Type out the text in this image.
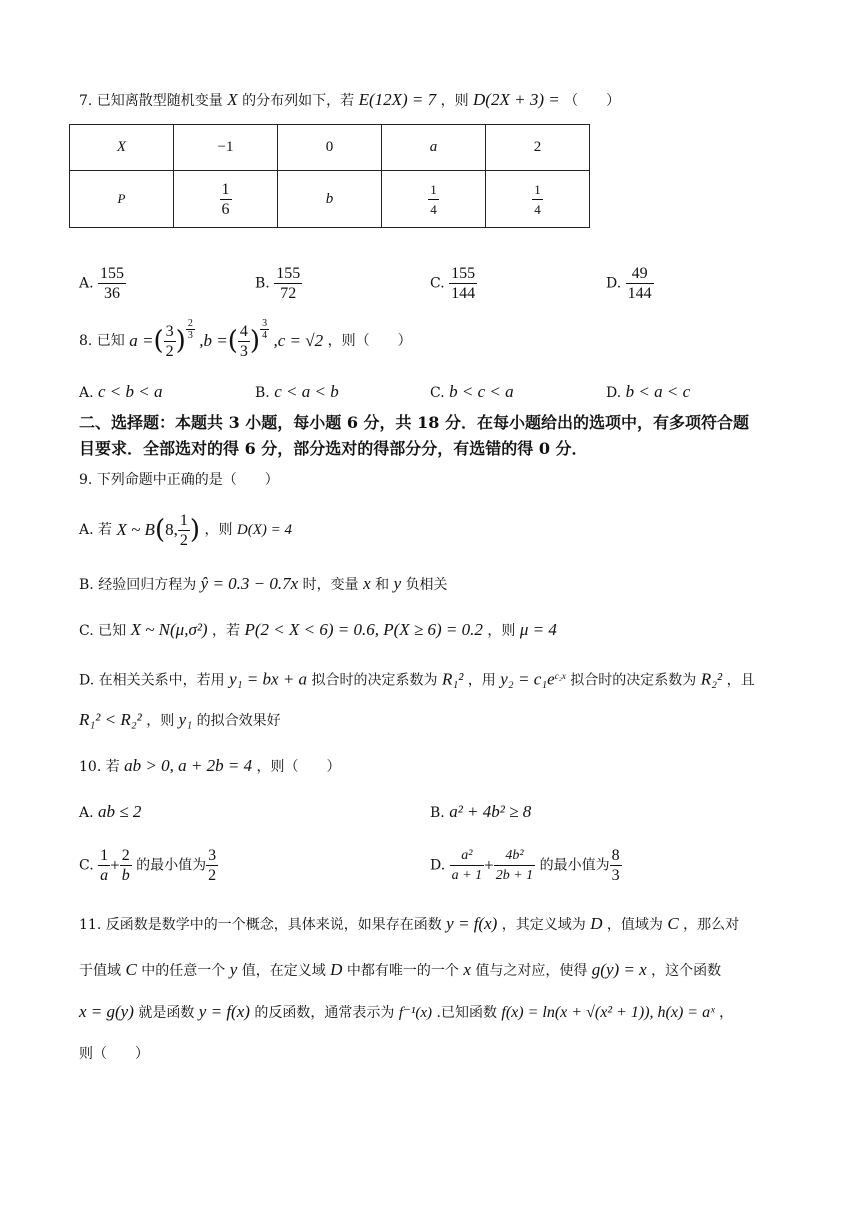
7. 已知离散型随机变量 X 的分布列如下，若 E(12X) = 7 ，则 D(2X + 3) = （　　）
X	−1	0	a	2
P	$\frac{1}{6}$	b	$\frac{1}{4}$	$\frac{1}{4}$
A. $\frac{155}{36}$	B. $\frac{155}{72}$	C. $\frac{155}{144}$	D. $\frac{49}{144}$
8. 已知 a =( $\frac{3}{2}$ ) $\frac{2}{3} ,b$ =( $\frac{4}{3}$ ) $\frac{3}{4} ,c = √2$ ，则（　　）
A. c < b < a	B. c < a < b	C. b < c < a	D. b < a < c
二、选择题：本题共 3 小题，每小题 6 分，共 18 分．在每小题给出的选项中，有多项符合题
目要求．全部选对的得 6 分，部分选对的得部分分，有选错的得 0 分．
9. 下列命题中正确的是（　　）
A. 若 X ~ B(8, $\frac{1}{2}$ ) ，则 D(X) = 4
B. 经验回归方程为 ŷ = 0.3 − 0.7x 时，变量 x 和 y 负相关
C. 已知 X ~ N(μ,σ²) ，若 P(2 < X < 6) = 0.6, P(X ≥ 6) = 0.2 ，则 μ = 4
D. 在相关关系中，若用 y₁ = bx + a 拟合时的决定系数为 R₁² ，用 $y_2 = c_1e^{c_2x}$ 拟合时的决定系数为 R₂² ，且
R₁² < R₂² ，则 y₁ 的拟合效果好
10. 若 ab > 0, a + 2b = 4 ，则（　　）
A. ab ≤ 2	B. a² + 4b² ≥ 8
C. $\frac{1}{a} + \frac{2}{b}$ 的最小值为 $\frac{3}{2}$	D. $\frac{\text{a²}}{a + 1} + \frac{\text{4b²}}{2b + 1}$ 的最小值为 $\frac{8}{3}$
11. 反函数是数学中的一个概念，具体来说，如果存在函数 y = f(x) ，其定义域为 D ，值域为 C ，那么对
于值域 C 中的任意一个 y 值，在定义域 D 中都有唯一的一个 x 值与之对应，使得 g(y) = x ，这个函数
x = g(y) 就是函数 y = f(x) 的反函数，通常表示为 f⁻¹(x) .已知函数 f(x) = ln(x + √(x² + 1)), h(x) = aˣ ，
则（　　）
